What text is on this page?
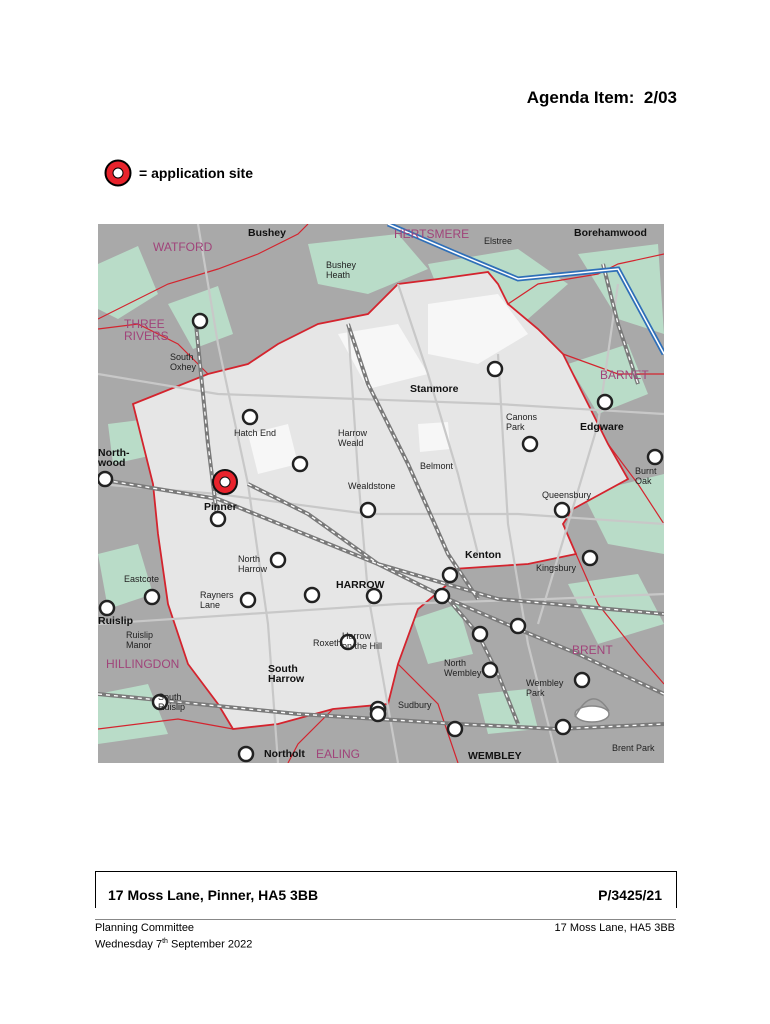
Agenda Item: 2/03
= application site
WATFORD
Bushey	HERTSMERE Elstree
Borehamwood
Bushey Heath
THREE RIVERS
South Oxhey
Stanmore
BARNET
Canons Park	Edgware
Hatch End	Harrow Weald
North-wood	Belmont	Burnt Oak
Wealdstone
Queensbury
Pinner
Kenton
North Harrow	Kingsbury
Eastcote	HARROW
Rayners Lane
Ruislip
Ruislip Manor	Roxeth
Harrow on the Hill	BRENT
HILLINGDON	North Wembley
South Harrow	Wembley Park
South Ruislip	Sudbury
Brent Park
Northolt EALING	WEMBLEY
17 Moss Lane, Pinner, HA5 3BB	P/3425/21
Planning Committee
Wednesday 7th September 2022
17 Moss Lane, HA5 3BB
